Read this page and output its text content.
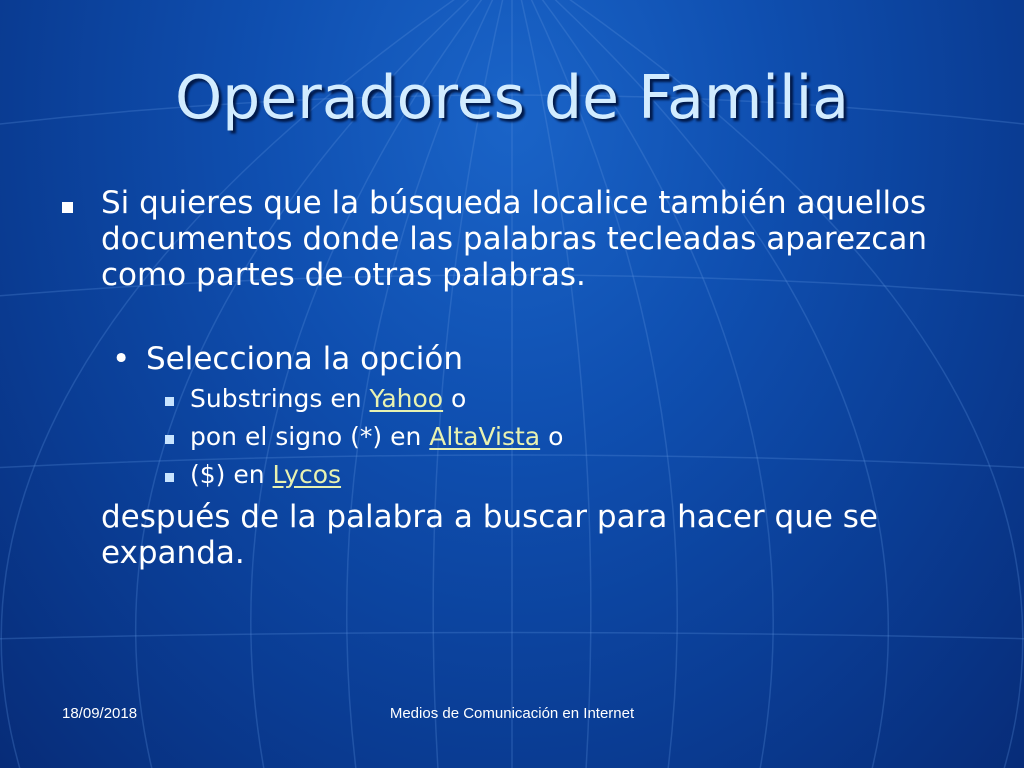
Operadores de Familia
Si quieres que la búsqueda localice también aquellos documentos donde las palabras tecleadas aparezcan como partes de otras palabras.
• Selecciona la opción
Substrings en Yahoo o
pon el signo (*) en AltaVista o
($) en Lycos
después de la palabra a buscar para hacer que se expanda.
18/09/2018	Medios de Comunicación en Internet
